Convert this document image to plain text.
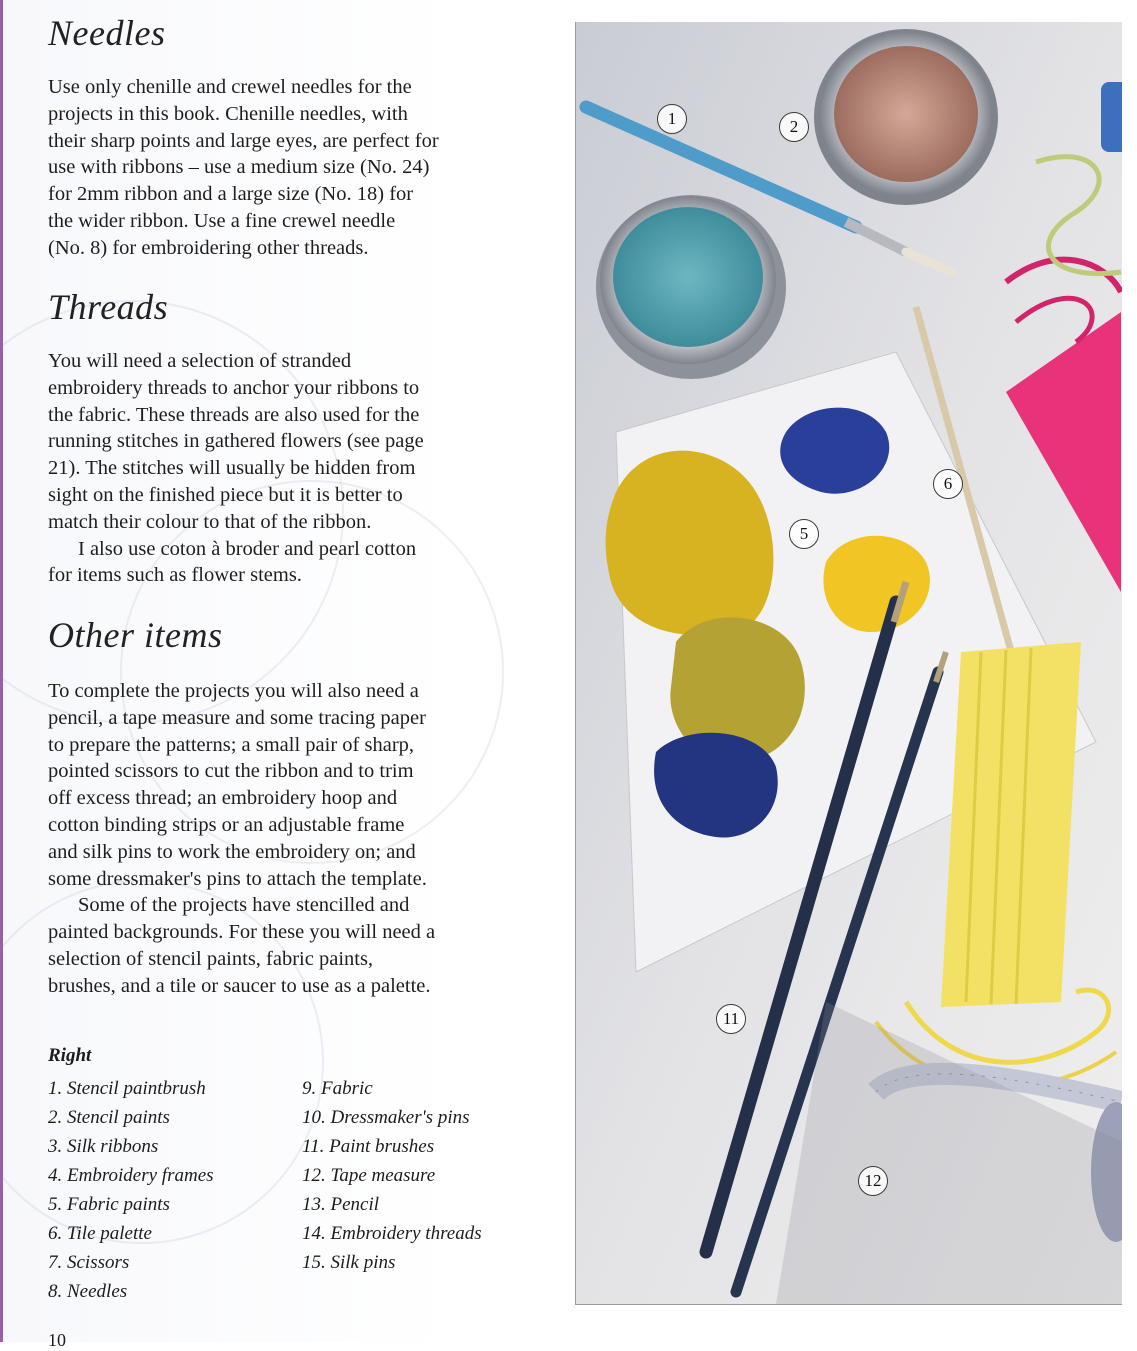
Needles
Use only chenille and crewel needles for the
projects in this book. Chenille needles, with
their sharp points and large eyes, are perfect for
use with ribbons – use a medium size (No. 24)
for 2mm ribbon and a large size (No. 18) for
the wider ribbon. Use a fine crewel needle
(No. 8) for embroidering other threads.
Threads
You will need a selection of stranded
embroidery threads to anchor your ribbons to
the fabric. These threads are also used for the
running stitches in gathered flowers (see page
21). The stitches will usually be hidden from
sight on the finished piece but it is better to
match their colour to that of the ribbon.
I also use coton à broder and pearl cotton
for items such as flower stems.
Other items
To complete the projects you will also need a
pencil, a tape measure and some tracing paper
to prepare the patterns; a small pair of sharp,
pointed scissors to cut the ribbon and to trim
off excess thread; an embroidery hoop and
cotton binding strips or an adjustable frame
and silk pins to work the embroidery on; and
some dressmaker's pins to attach the template.
Some of the projects have stencilled and
painted backgrounds. For these you will need a
selection of stencil paints, fabric paints,
brushes, and a tile or saucer to use as a palette.
Right
1. Stencil paintbrush
2. Stencil paints
3. Silk ribbons
4. Embroidery frames
5. Fabric paints
6. Tile palette
7. Scissors
8. Needles
9. Fabric
10. Dressmaker's pins
11. Paint brushes
12. Tape measure
13. Pencil
14. Embroidery threads
15. Silk pins
10
1	2
5
6
11
12
